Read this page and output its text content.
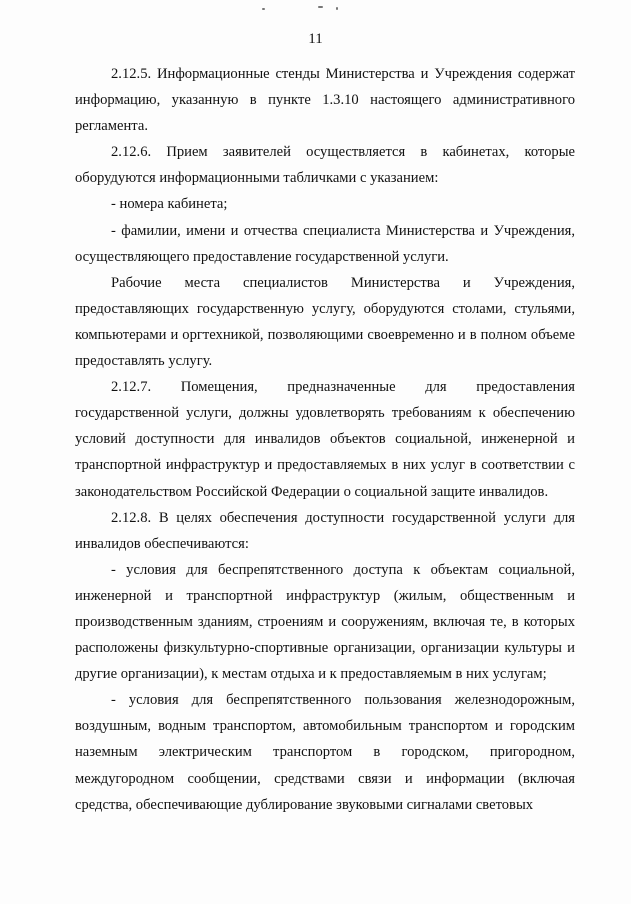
11

2.12.5. Информационные стенды Министерства и Учреждения содержат информацию, указанную в пункте 1.3.10 настоящего административного регламента.

2.12.6. Прием заявителей осуществляется в кабинетах, которые оборудуются информационными табличками с указанием:

- номера кабинета;

- фамилии, имени и отчества специалиста Министерства и Учреждения, осуществляющего предоставление государственной услуги.

Рабочие места специалистов Министерства и Учреждения, предоставляющих государственную услугу, оборудуются столами, стульями, компьютерами и оргтехникой, позволяющими своевременно и в полном объеме предоставлять услугу.

2.12.7. Помещения, предназначенные для предоставления государственной услуги, должны удовлетворять требованиям к обеспечению условий доступности для инвалидов объектов социальной, инженерной и транспортной инфраструктур и предоставляемых в них услуг в соответствии с законодательством Российской Федерации о социальной защите инвалидов.

2.12.8. В целях обеспечения доступности государственной услуги для инвалидов обеспечиваются:

- условия для беспрепятственного доступа к объектам социальной, инженерной и транспортной инфраструктур (жилым, общественным и производственным зданиям, строениям и сооружениям, включая те, в которых расположены физкультурно-спортивные организации, организации культуры и другие организации), к местам отдыха и к предоставляемым в них услугам;

- условия для беспрепятственного пользования железнодорожным, воздушным, водным транспортом, автомобильным транспортом и городским наземным электрическим транспортом в городском, пригородном, междугородном сообщении, средствами связи и информации (включая средства, обеспечивающие дублирование звуковыми сигналами световых
